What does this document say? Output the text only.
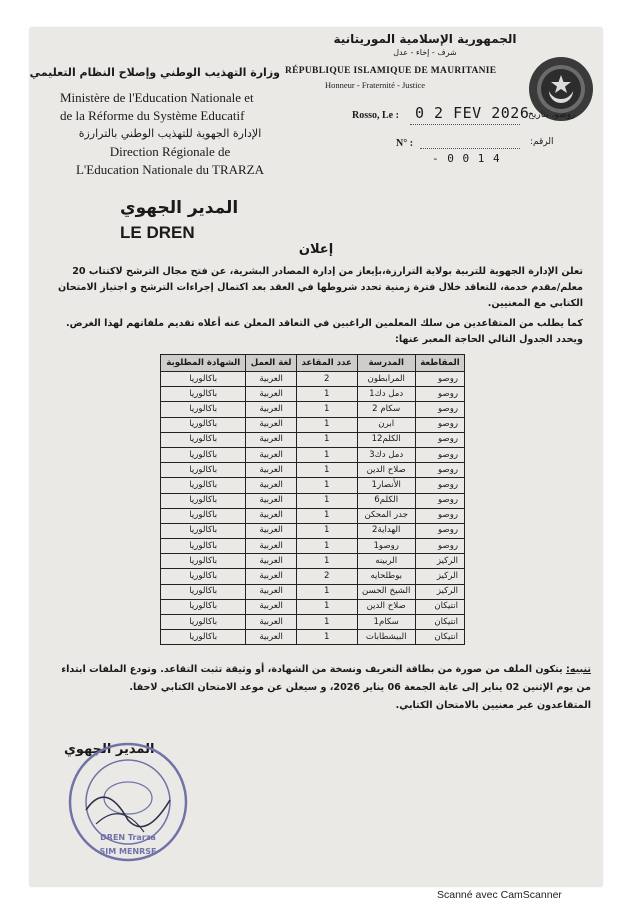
الجمهورية الإسلامية الموريتانية
شرف - إخاء - عدل
RÉPUBLIQUE ISLAMIQUE DE MAURITANIE
Honneur - Fraternité - Justice
وزارة التهذيب الوطني وإصلاح النظام التعليمي
Ministère de l'Education Nationale et
de la Réforme du Système Educatif
الإدارة الجهوية للتهذيب الوطني بالترارزة
Direction Régionale de
L'Education Nationale du TRARZA
Rosso, Le : 0 2 FEV 2026
روصو، بتاريخ:
N° :	الرقم:
- 0 0 1 4
المدير الجهوي
LE DREN
إعلان
تعلن الإدارة الجهوية للتربية بولاية الترارزة،بإيعاز من إدارة المصادر البشرية، عن فتح مجال الترشح لاكتتاب 20
معلم/مقدم خدمة، للتعاقد خلال فترة زمنية تحدد شروطها في العقد بعد اكتمال إجراءات الترشح و اجتياز الامتحان
الكتابي مع المعنيين.
كما يطلب من المتقاعدين من سلك المعلمين الراغبين في التعاقد المعلن عنه أعلاه تقديم ملفاتهم لهذا الغرض.
ويحدد الجدول التالي الحاجة المعبر عنها:
المقاطعة	المدرسة	عدد المقاعد	لغة العمل	الشهادة المطلوبة
روصو	المرابطون	2	العربية	باكالوريا
روصو	دمل دك1	1	العربية	باكالوريا
روصو	سكام 2	1	العربية	باكالوريا
روصو	ابرن	1	العربية	باكالوريا
روصو	الكلم12	1	العربية	باكالوريا
روصو	دمل دك3	1	العربية	باكالوريا
روصو	صلاح الدين	1	العربية	باكالوريا
روصو	الأنصار1	1	العربية	باكالوريا
روصو	الكلم6	1	العربية	باكالوريا
روصو	جدر المحكن	1	العربية	باكالوريا
روصو	الهداية2	1	العربية	باكالوريا
روصو	روصو1	1	العربية	باكالوريا
الركيز	الربينه	1	العربية	باكالوريا
الركيز	بوطلحايه	2	العربية	باكالوريا
الركيز	الشيخ الحسن	1	العربية	باكالوريا
انتيكان	صلاح الدين	1	العربية	باكالوريا
انتيكان	سكام1	1	العربية	باكالوريا
انتيكان	البيشطابات	1	العربية	باكالوريا
تنبيه: يتكون الملف من صورة من بطاقة التعريف ونسخة من الشهادة، أو وثيقة تثبت التقاعد. وتودع الملفات ابتداء
من يوم الإثنين 02 يناير إلى غاية الجمعة 06 يناير 2026، و سيعلن عن موعد الامتحان الكتابي لاحقا.
المتقاعدون غير معنيين بالامتحان الكتابي.
المدير الجهوي
DREN Trarza
SIM MENRSE
Scanné avec CamScanner
